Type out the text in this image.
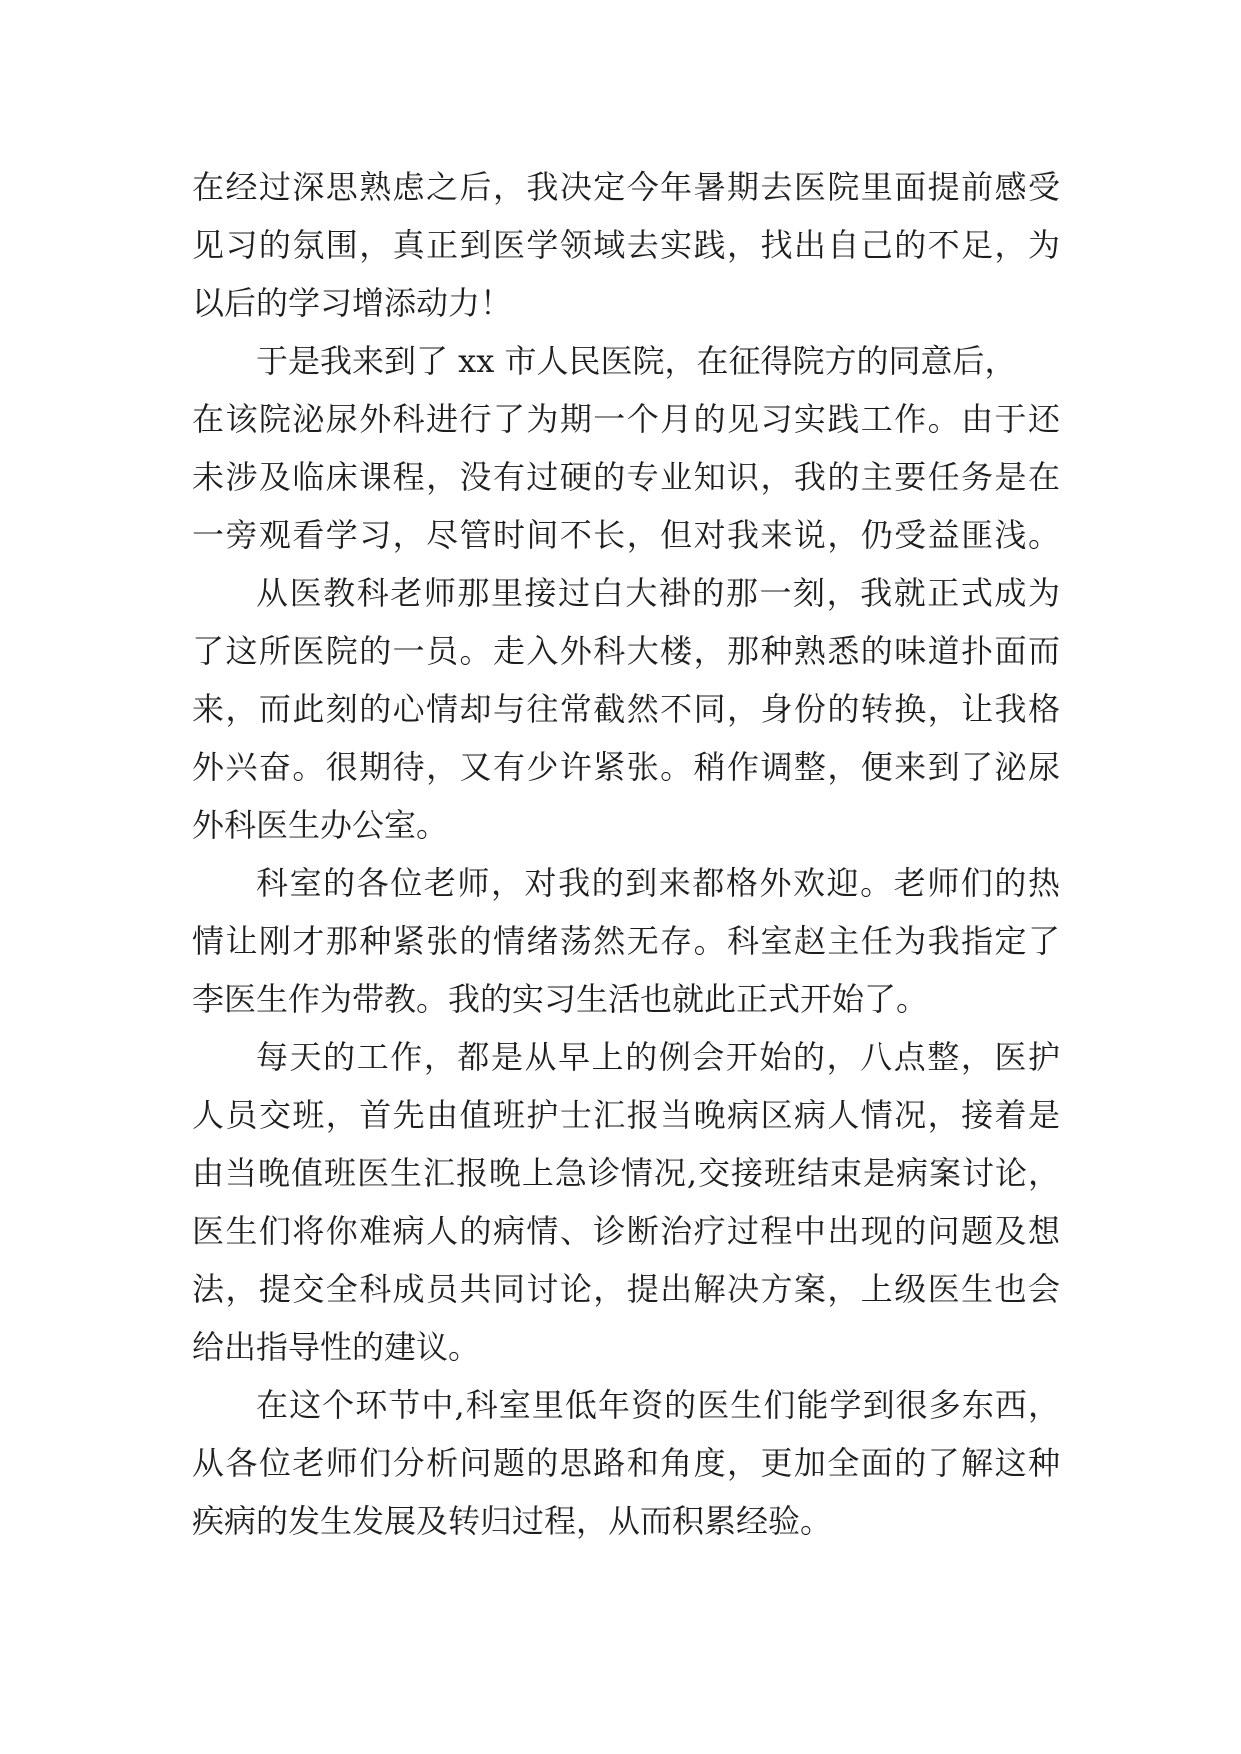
在经过深思熟虑之后，我决定今年暑期去医院里面提前感受
见习的氛围，真正到医学领域去实践，找出自己的不足，为
以后的学习增添动力！
于是我来到了 xx 市人民医院，在征得院方的同意后，
在该院泌尿外科进行了为期一个月的见习实践工作。由于还
未涉及临床课程，没有过硬的专业知识，我的主要任务是在
一旁观看学习，尽管时间不长，但对我来说，仍受益匪浅。
从医教科老师那里接过白大褂的那一刻，我就正式成为
了这所医院的一员。走入外科大楼，那种熟悉的味道扑面而
来，而此刻的心情却与往常截然不同，身份的转换，让我格
外兴奋。很期待，又有少许紧张。稍作调整，便来到了泌尿
外科医生办公室。
科室的各位老师，对我的到来都格外欢迎。老师们的热
情让刚才那种紧张的情绪荡然无存。科室赵主任为我指定了
李医生作为带教。我的实习生活也就此正式开始了。
每天的工作，都是从早上的例会开始的，八点整，医护
人员交班，首先由值班护士汇报当晚病区病人情况，接着是
由当晚值班医生汇报晚上急诊情况,交接班结束是病案讨论，
医生们将你难病人的病情、诊断治疗过程中出现的问题及想
法，提交全科成员共同讨论，提出解决方案，上级医生也会
给出指导性的建议。
在这个环节中,科室里低年资的医生们能学到很多东西，
从各位老师们分析问题的思路和角度，更加全面的了解这种
疾病的发生发展及转归过程，从而积累经验。
